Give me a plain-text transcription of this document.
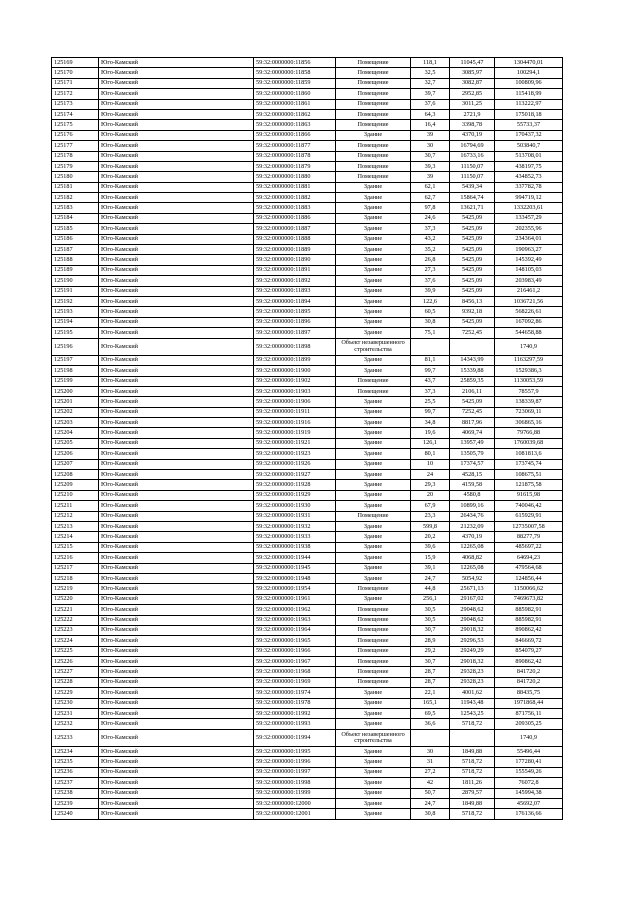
125169	Юго-Камский	59:32:0000000:11856	Помещение	118,1	11045,47	1304470,01
125170	Юго-Камский	59:32:0000000:11858	Помещение	32,5	3085,97	100294,1
125171	Юго-Камский	59:32:0000000:11859	Помещение	32,7	3082,87	100809,96
125172	Юго-Камский	59:32:0000000:11860	Помещение	39,7	2952,85	115418,99
125173	Юго-Камский	59:32:0000000:11861	Помещение	37,6	3011,25	113222,97
125174	Юго-Камский	59:32:0000000:11862	Помещение	64,3	2721,9	175018,18
125175	Юго-Камский	59:32:0000000:11863	Помещение	16,4	3398,78	55733,37
125176	Юго-Камский	59:32:0000000:11866	Здание	39	4370,19	170437,32
125177	Юго-Камский	59:32:0000000:11877	Помещение	30	16794,69	503840,7
125178	Юго-Камский	59:32:0000000:11878	Помещение	30,7	16733,16	513708,01
125179	Юго-Камский	59:32:0000000:11879	Помещение	39,3	11150,07	438197,75
125180	Юго-Камский	59:32:0000000:11880	Помещение	39	11150,07	434852,73
125181	Юго-Камский	59:32:0000000:11881	Здание	62,1	5439,34	337782,78
125182	Юго-Камский	59:32:0000000:11882	Здание	62,7	15864,74	994719,12
125183	Юго-Камский	59:32:0000000:11883	Здание	97,8	13621,71	1332203,61
125184	Юго-Камский	59:32:0000000:11886	Здание	24,6	5425,09	133457,29
125185	Юго-Камский	59:32:0000000:11887	Здание	37,3	5425,09	202355,96
125186	Юго-Камский	59:32:0000000:11888	Здание	43,2	5425,09	234364,01
125187	Юго-Камский	59:32:0000000:11889	Здание	35,2	5425,09	190963,27
125188	Юго-Камский	59:32:0000000:11890	Здание	26,8	5425,09	145392,49
125189	Юго-Камский	59:32:0000000:11891	Здание	27,3	5425,09	148105,03
125190	Юго-Камский	59:32:0000000:11892	Здание	37,6	5425,09	203983,49
125191	Юго-Камский	59:32:0000000:11893	Здание	39,9	5425,09	216461,2
125192	Юго-Камский	59:32:0000000:11894	Здание	122,6	8456,13	1036721,56
125193	Юго-Камский	59:32:0000000:11895	Здание	60,5	9392,18	568226,61
125194	Юго-Камский	59:32:0000000:11896	Здание	30,8	5425,09	167092,86
125195	Юго-Камский	59:32:0000000:11897	Здание	75,1	7252,45	544658,88
125196	Юго-Камский	59:32:0000000:11898	Объект незавершенного строительства			1740,9
125197	Юго-Камский	59:32:0000000:11899	Здание	81,1	14343,99	1163297,59
125198	Юго-Камский	59:32:0000000:11900	Здание	99,7	15339,88	1529386,3
125199	Юго-Камский	59:32:0000000:11902	Помещение	43,7	25859,35	1130053,59
125200	Юго-Камский	59:32:0000000:11903	Помещение	37,3	2106,11	78557,9
125201	Юго-Камский	59:32:0000000:11906	Здание	25,5	5425,09	138339,87
125202	Юго-Камский	59:32:0000000:11911	Здание	99,7	7252,45	723069,11
125203	Юго-Камский	59:32:0000000:11916	Здание	34,8	8817,96	306865,16
125204	Юго-Камский	59:32:0000000:11919	Здание	19,6	4069,74	79766,88
125205	Юго-Камский	59:32:0000000:11921	Здание	126,1	13957,49	1760039,68
125206	Юго-Камский	59:32:0000000:11923	Здание	80,1	13505,79	1081813,6
125207	Юго-Камский	59:32:0000000:11926	Здание	10	17374,57	173745,74
125208	Юго-Камский	59:32:0000000:11927	Здание	24	4528,15	108675,51
125209	Юго-Камский	59:32:0000000:11928	Здание	29,3	4159,58	121875,58
125210	Юго-Камский	59:32:0000000:11929	Здание	20	4580,8	91615,98
125211	Юго-Камский	59:32:0000000:11930	Здание	67,9	10899,16	740046,42
125212	Юго-Камский	59:32:0000000:11931	Помещение	23,3	26434,76	615929,91
125213	Юго-Камский	59:32:0000000:11932	Здание	599,8	21232,09	12735007,58
125214	Юго-Камский	59:32:0000000:11933	Здание	20,2	4370,19	88277,79
125215	Юго-Камский	59:32:0000000:11938	Здание	39,6	12265,08	485697,22
125216	Юго-Камский	59:32:0000000:11944	Здание	15,9	4068,82	64694,23
125217	Юго-Камский	59:32:0000000:11945	Здание	39,1	12265,08	479564,68
125218	Юго-Камский	59:32:0000000:11948	Здание	24,7	5054,92	124856,44
125219	Юго-Камский	59:32:0000000:11954	Помещение	44,8	25671,13	1150066,62
125220	Юго-Камский	59:32:0000000:11961	Здание	256,1	29167,02	7469673,82
125221	Юго-Камский	59:32:0000000:11962	Помещение	30,5	29048,62	885982,91
125222	Юго-Камский	59:32:0000000:11963	Помещение	30,5	29048,62	885982,91
125223	Юго-Камский	59:32:0000000:11964	Помещение	30,7	29018,32	890862,42
125224	Юго-Камский	59:32:0000000:11965	Помещение	28,9	29296,53	846669,72
125225	Юго-Камский	59:32:0000000:11966	Помещение	29,2	29249,29	854079,27
125226	Юго-Камский	59:32:0000000:11967	Помещение	30,7	29018,32	890862,42
125227	Юго-Камский	59:32:0000000:11968	Помещение	28,7	29328,23	841720,2
125228	Юго-Камский	59:32:0000000:11969	Помещение	28,7	29328,23	841720,2
125229	Юго-Камский	59:32:0000000:11974	Здание	22,1	4001,62	88435,75
125230	Юго-Камский	59:32:0000000:11978	Здание	165,1	11943,48	1971868,44
125231	Юго-Камский	59:32:0000000:11992	Здание	69,5	12543,25	871756,11
125232	Юго-Камский	59:32:0000000:11993	Здание	36,6	5718,72	209305,25
125233	Юго-Камский	59:32:0000000:11994	Объект незавершенного строительства			1740,9
125234	Юго-Камский	59:32:0000000:11995	Здание	30	1849,88	55496,44
125235	Юго-Камский	59:32:0000000:11996	Здание	31	5718,72	177280,41
125236	Юго-Камский	59:32:0000000:11997	Здание	27,2	5718,72	155549,26
125237	Юго-Камский	59:32:0000000:11998	Здание	42	1811,26	76072,8
125238	Юго-Камский	59:32:0000000:11999	Здание	50,7	2879,57	145994,38
125239	Юго-Камский	59:32:0000000:12000	Здание	24,7	1849,88	45692,07
125240	Юго-Камский	59:32:0000000:12001	Здание	30,8	5718,72	176136,66
